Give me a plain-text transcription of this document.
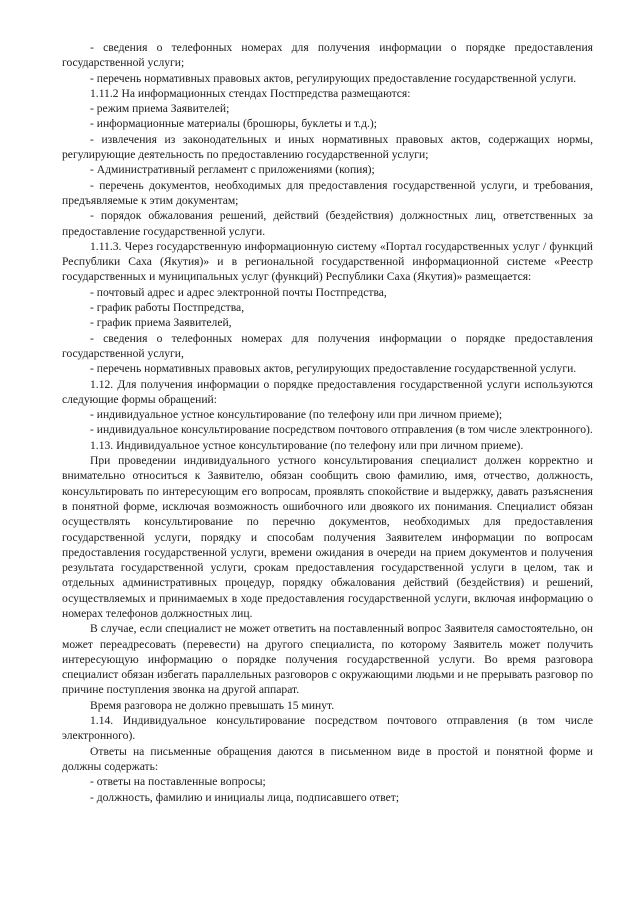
- сведения о телефонных номерах для получения информации о порядке предоставления государственной услуги;

- перечень нормативных правовых актов, регулирующих предоставление государственной услуги.

1.11.2 На информационных стендах Постпредства размещаются:

- режим приема Заявителей;

- информационные материалы (брошюры, буклеты и т.д.);

- извлечения из законодательных и иных нормативных правовых актов, содержащих нормы, регулирующие деятельность по предоставлению государственной услуги;

- Административный регламент с приложениями (копия);

- перечень документов, необходимых для предоставления государственной услуги, и требования, предъявляемые к этим документам;

- порядок обжалования решений, действий (бездействия) должностных лиц, ответственных за предоставление государственной услуги.

1.11.3. Через государственную информационную систему «Портал государственных услуг / функций Республики Саха (Якутия)» и в региональной государственной информационной системе «Реестр государственных и муниципальных услуг (функций) Республики Саха (Якутия)» размещается:

- почтовый адрес и адрес электронной почты Постпредства,

- график работы Постпредства,

- график приема Заявителей,

- сведения о телефонных номерах для получения информации о порядке предоставления государственной услуги,

- перечень нормативных правовых актов, регулирующих предоставление государственной услуги.

1.12. Для получения информации о порядке предоставления государственной услуги используются следующие формы обращений:

- индивидуальное устное консультирование (по телефону или при личном приеме);

- индивидуальное консультирование посредством почтового отправления (в том числе электронного).

1.13. Индивидуальное устное консультирование (по телефону или при личном приеме).

При проведении индивидуального устного консультирования специалист должен корректно и внимательно относиться к Заявителю, обязан сообщить свою фамилию, имя, отчество, должность, консультировать по интересующим его вопросам, проявлять спокойствие и выдержку, давать разъяснения в понятной форме, исключая возможность ошибочного или двоякого их понимания. Специалист обязан осуществлять консультирование по перечню документов, необходимых для предоставления государственной услуги, порядку и способам получения Заявителем информации по вопросам предоставления государственной услуги, времени ожидания в очереди на прием документов и получения результата государственной услуги, срокам предоставления государственной услуги в целом, так и отдельных административных процедур, порядку обжалования действий (бездействия) и решений, осуществляемых и принимаемых в ходе предоставления государственной услуги, включая информацию о номерах телефонов должностных лиц.

В случае, если специалист не может ответить на поставленный вопрос Заявителя самостоятельно, он может переадресовать (перевести) на другого специалиста, по которому Заявитель может получить интересующую информацию о порядке получения государственной услуги. Во время разговора специалист обязан избегать параллельных разговоров с окружающими людьми и не прерывать разговор по причине поступления звонка на другой аппарат.

Время разговора не должно превышать 15 минут.

1.14. Индивидуальное консультирование посредством почтового отправления (в том числе электронного).

Ответы на письменные обращения даются в письменном виде в простой и понятной форме и должны содержать:

- ответы на поставленные вопросы;

- должность, фамилию и инициалы лица, подписавшего ответ;
